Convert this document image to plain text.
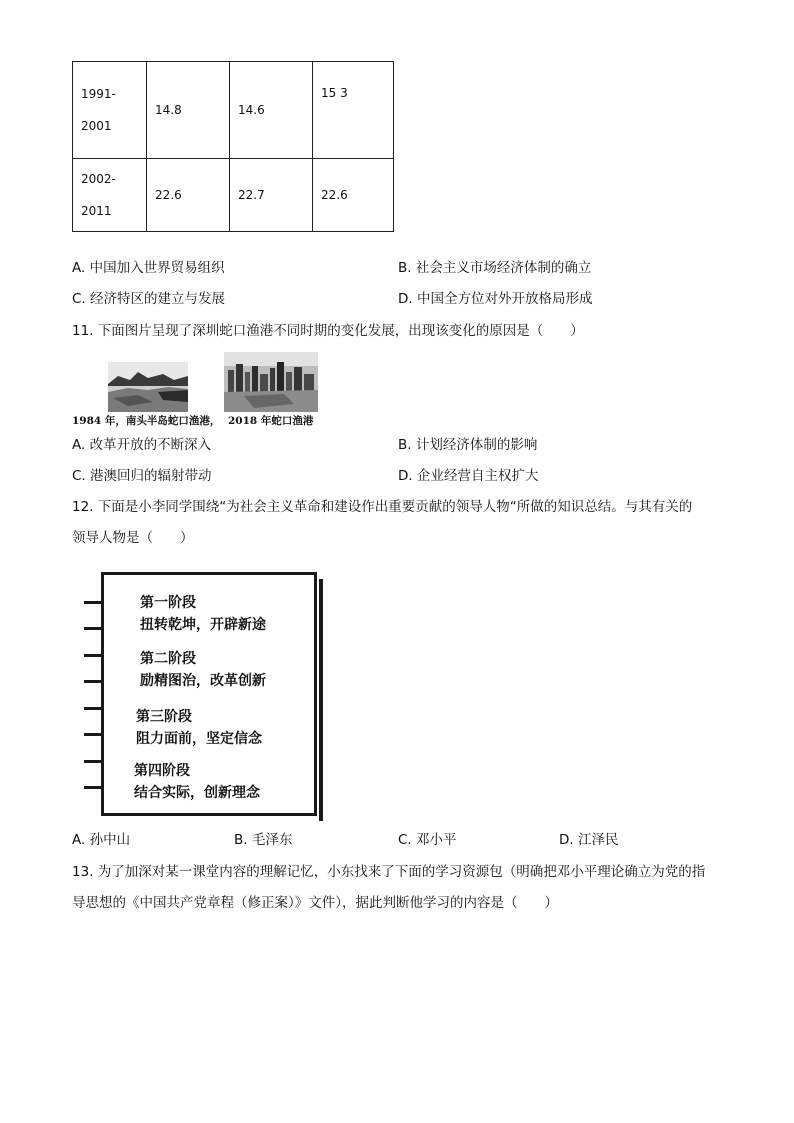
1991-
2001	14.8	14.6	15 3

2002-
2011	22.6	22.7	22.6
A. 中国加入世界贸易组织	B. 社会主义市场经济体制的确立
C. 经济特区的建立与发展	D. 中国全方位对外开放格局形成
11. 下面图片呈现了深圳蛇口渔港不同时期的变化发展，出现该变化的原因是（　　）
1984 年，南头半岛蛇口渔港， 2018 年蛇口渔港
A. 改革开放的不断深入	B. 计划经济体制的影响
C. 港澳回归的辐射带动	D. 企业经营自主权扩大
12. 下面是小李同学围绕“为社会主义革命和建设作出重要贡献的领导人物“所做的知识总结。与其有关的
领导人物是（　　）
第一阶段
扭转乾坤，开辟新途
第二阶段
励精图治，改革创新
第三阶段
阻力面前，坚定信念
第四阶段
结合实际，创新理念
A. 孙中山	B. 毛泽东	C. 邓小平	D. 江泽民
13. 为了加深对某一课堂内容的理解记忆，小东找来了下面的学习资源包（明确把邓小平理论确立为党的指
导思想的《中国共产党章程（修正案）》文件），据此判断他学习的内容是（　　）
